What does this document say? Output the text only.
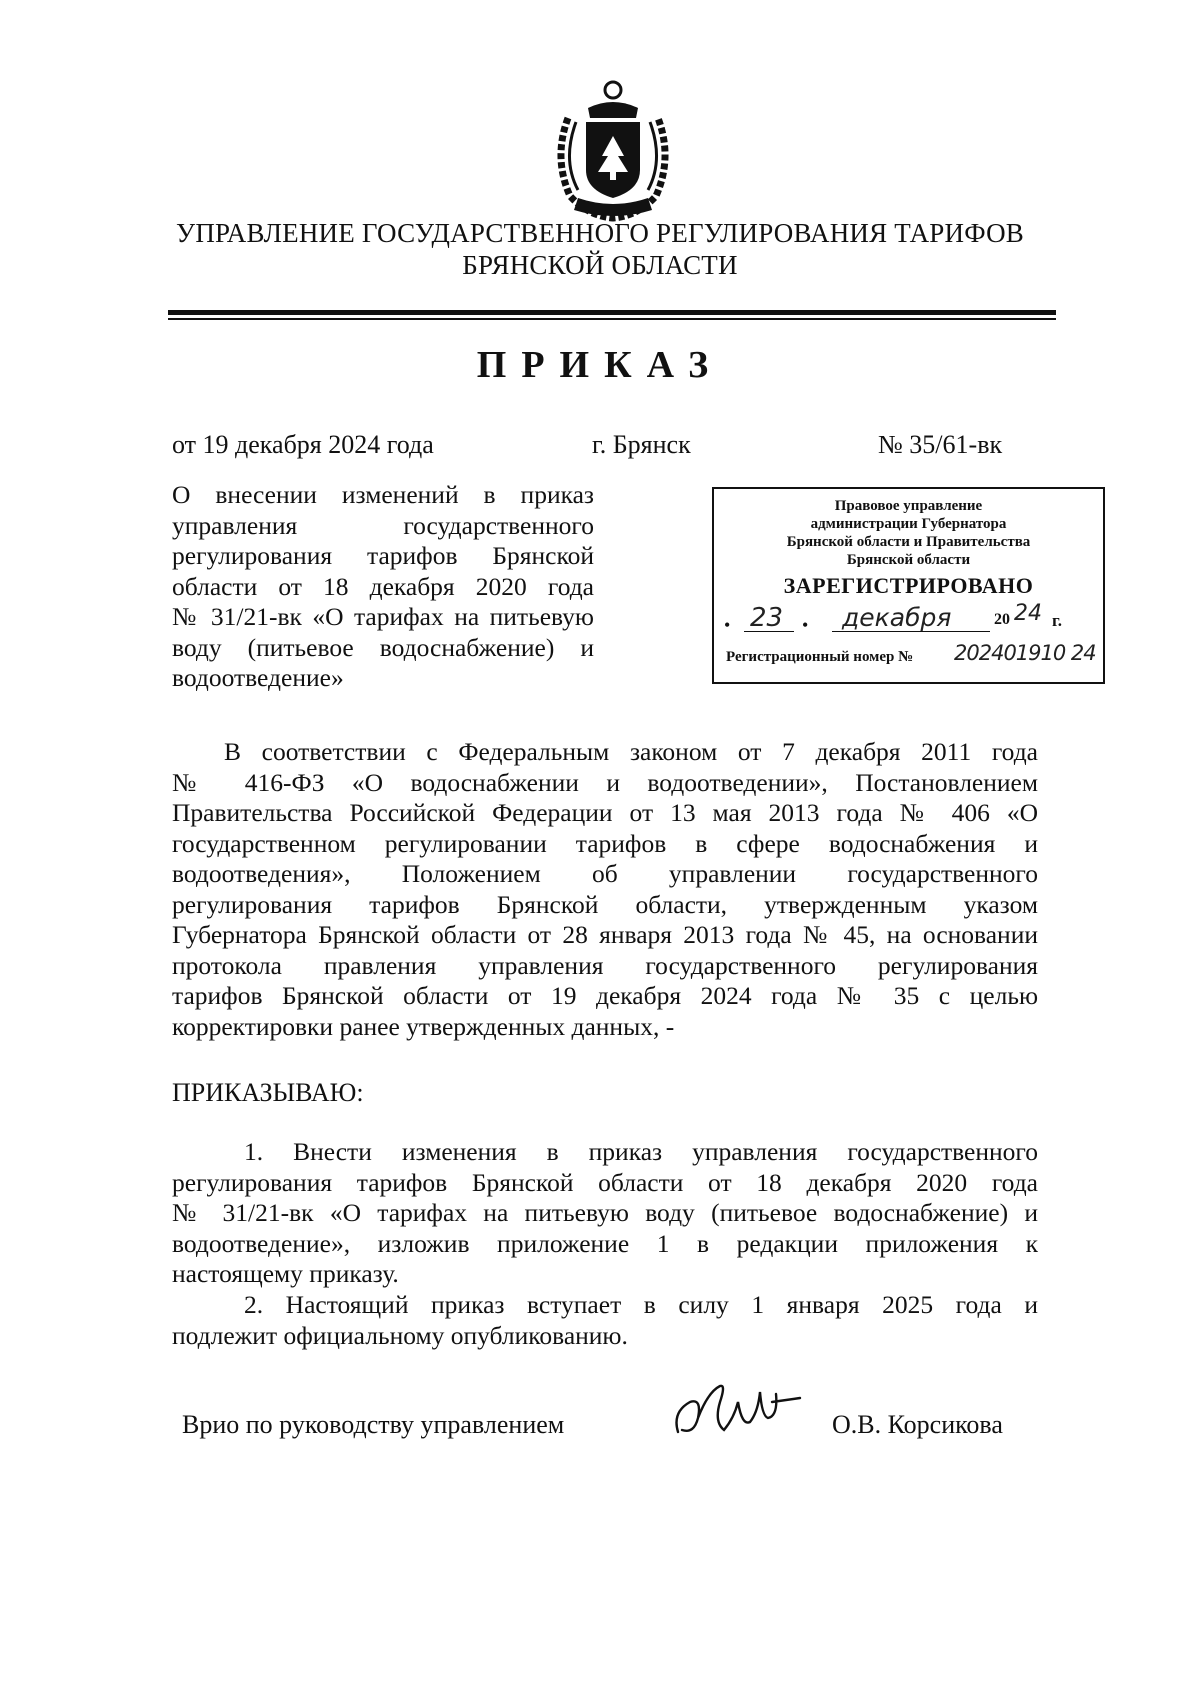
УПРАВЛЕНИЕ ГОСУДАРСТВЕННОГО РЕГУЛИРОВАНИЯ ТАРИФОВ
БРЯНСКОЙ ОБЛАСТИ
ПРИКАЗ
от 19 декабря 2024 года	г. Брянск	№ 35/61-вк
О внесении изменений в приказ
управления государственного
регулирования тарифов Брянской
области от 18 декабря 2020 года
№ 31/21-вк «О тарифах на питьевую
воду (питьевое водоснабжение) и
водоотведение»
Правовое управление
администрации Губернатора
Брянской области и Правительства
Брянской области
ЗАРЕГИСТРИРОВАНО
• 23 • декабря	20 24 г.
Регистрационный номер № 202401910 24
В соответствии с Федеральным законом от 7 декабря 2011 года
№ 416-ФЗ «О водоснабжении и водоотведении», Постановлением
Правительства Российской Федерации от 13 мая 2013 года № 406 «О
государственном регулировании тарифов в сфере водоснабжения и
водоотведения», Положением об управлении государственного
регулирования тарифов Брянской области, утвержденным указом
Губернатора Брянской области от 28 января 2013 года № 45, на основании
протокола правления управления государственного регулирования
тарифов Брянской области от 19 декабря 2024 года № 35 с целью
корректировки ранее утвержденных данных, -
ПРИКАЗЫВАЮ:
1. Внести изменения в приказ управления государственного
регулирования тарифов Брянской области от 18 декабря 2020 года
№ 31/21-вк «О тарифах на питьевую воду (питьевое водоснабжение) и
водоотведение», изложив приложение 1 в редакции приложения к
настоящему приказу.
2. Настоящий приказ вступает в силу 1 января 2025 года и
подлежит официальному опубликованию.
Врио по руководству управлением	О.В. Корсикова
